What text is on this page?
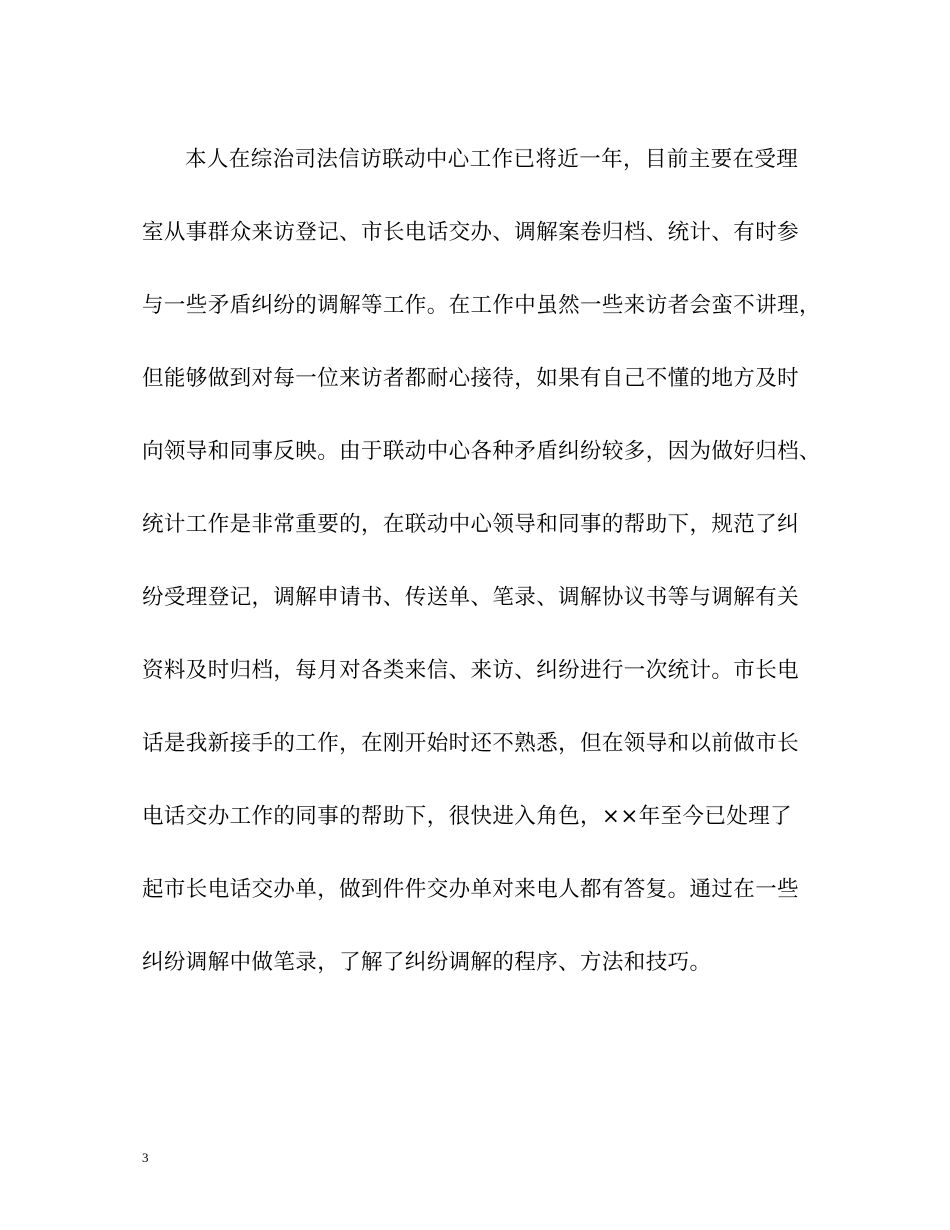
本人在综治司法信访联动中心工作已将近一年，目前主要在受理
室从事群众来访登记、市长电话交办、调解案卷归档、统计、有时参
与一些矛盾纠纷的调解等工作。在工作中虽然一些来访者会蛮不讲理，
但能够做到对每一位来访者都耐心接待，如果有自己不懂的地方及时
向领导和同事反映。由于联动中心各种矛盾纠纷较多，因为做好归档、
统计工作是非常重要的，在联动中心领导和同事的帮助下，规范了纠
纷受理登记，调解申请书、传送单、笔录、调解协议书等与调解有关
资料及时归档，每月对各类来信、来访、纠纷进行一次统计。市长电
话是我新接手的工作，在刚开始时还不熟悉，但在领导和以前做市长
电话交办工作的同事的帮助下，很快进入角色，××年至今已处理了
起市长电话交办单，做到件件交办单对来电人都有答复。通过在一些
纠纷调解中做笔录，了解了纠纷调解的程序、方法和技巧。
3
